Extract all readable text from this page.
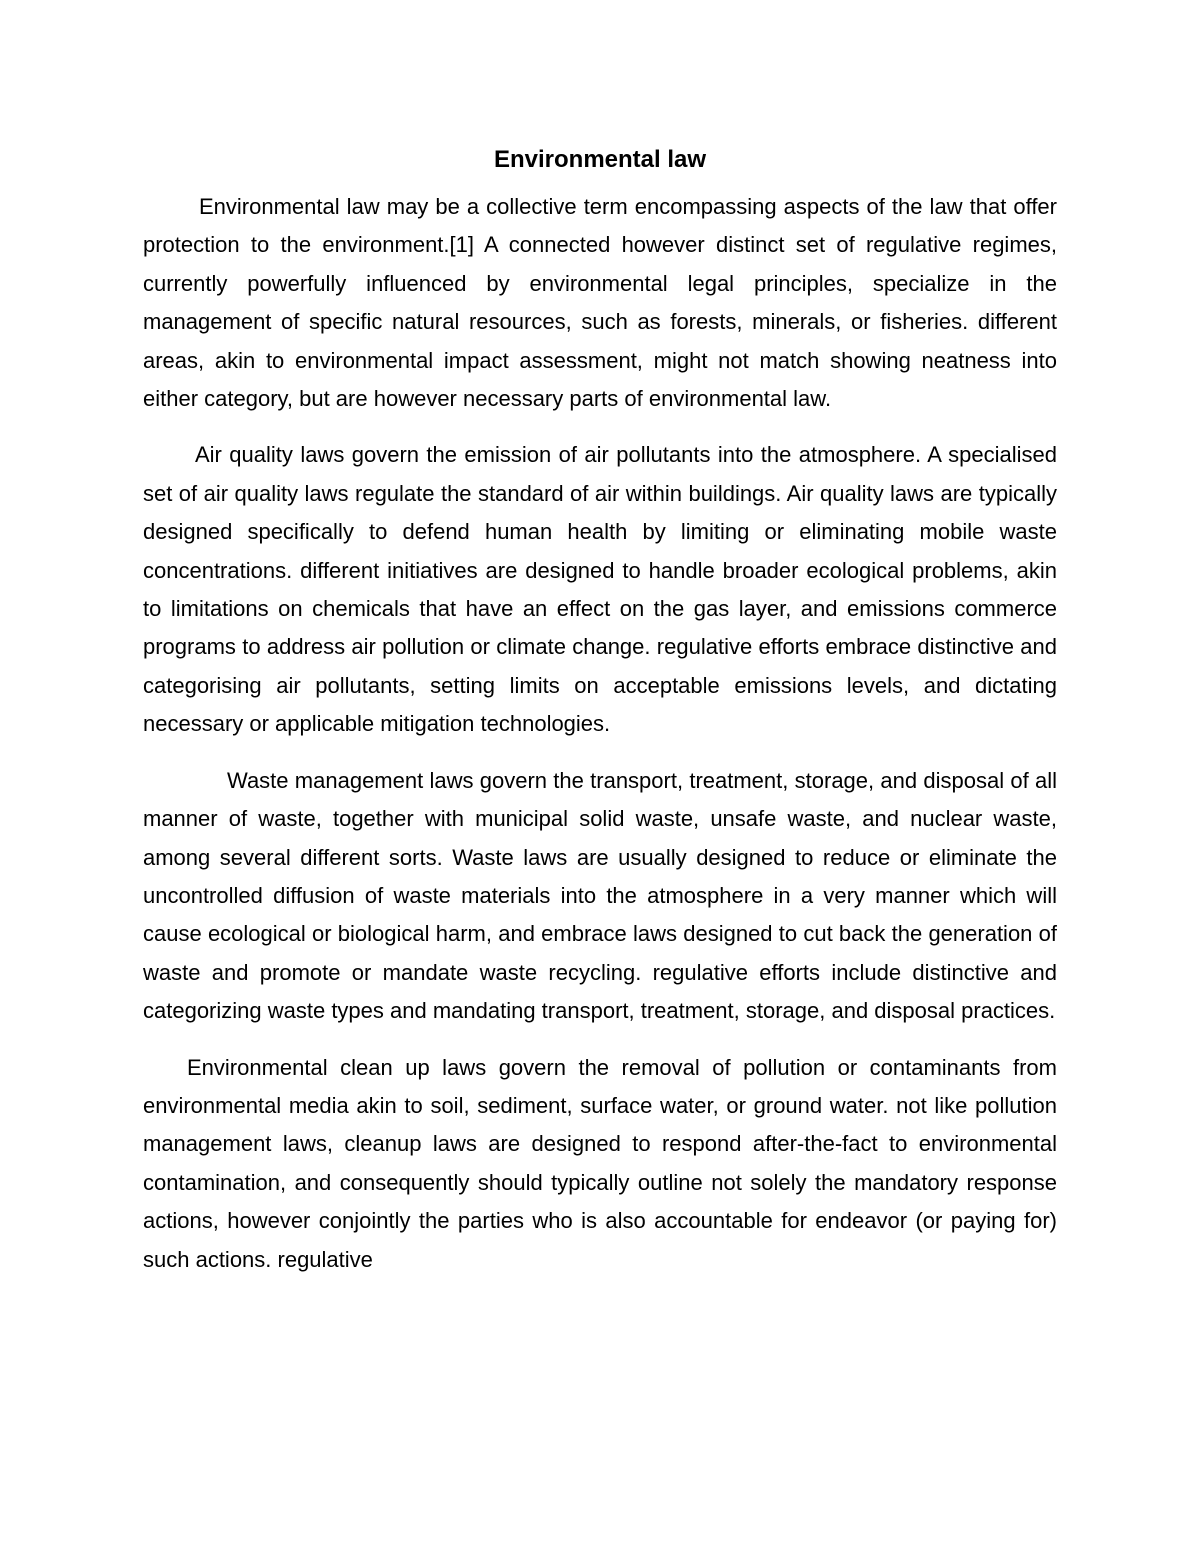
Environmental law

Environmental law may be a collective term encompassing aspects of the law that offer protection to the environment.[1] A connected however distinct set of regulative regimes, currently powerfully influenced by environmental legal principles, specialize in the management of specific natural resources, such as forests, minerals, or fisheries. different areas, akin to environmental impact assessment, might not match showing neatness into either category, but are however necessary parts of environmental law.

Air quality laws govern the emission of air pollutants into the atmosphere. A specialised set of air quality laws regulate the standard of air within buildings. Air quality laws are typically designed specifically to defend human health by limiting or eliminating mobile waste concentrations. different initiatives are designed to handle broader ecological problems, akin to limitations on chemicals that have an effect on the gas layer, and emissions commerce programs to address air pollution or climate change. regulative efforts embrace distinctive and categorising air pollutants, setting limits on acceptable emissions levels, and dictating necessary or applicable mitigation technologies.

Waste management laws govern the transport, treatment, storage, and disposal of all manner of waste, together with municipal solid waste, unsafe waste, and nuclear waste, among several different sorts. Waste laws are usually designed to reduce or eliminate the uncontrolled diffusion of waste materials into the atmosphere in a very manner which will cause ecological or biological harm, and embrace laws designed to cut back the generation of waste and promote or mandate waste recycling. regulative efforts include distinctive and categorizing waste types and mandating transport, treatment, storage, and disposal practices.

Environmental clean up laws govern the removal of pollution or contaminants from environmental media akin to soil, sediment, surface water, or ground water. not like pollution management laws, cleanup laws are designed to respond after-the-fact to environmental contamination, and consequently should typically outline not solely the mandatory response actions, however conjointly the parties who is also accountable for endeavor (or paying for) such actions. regulative
